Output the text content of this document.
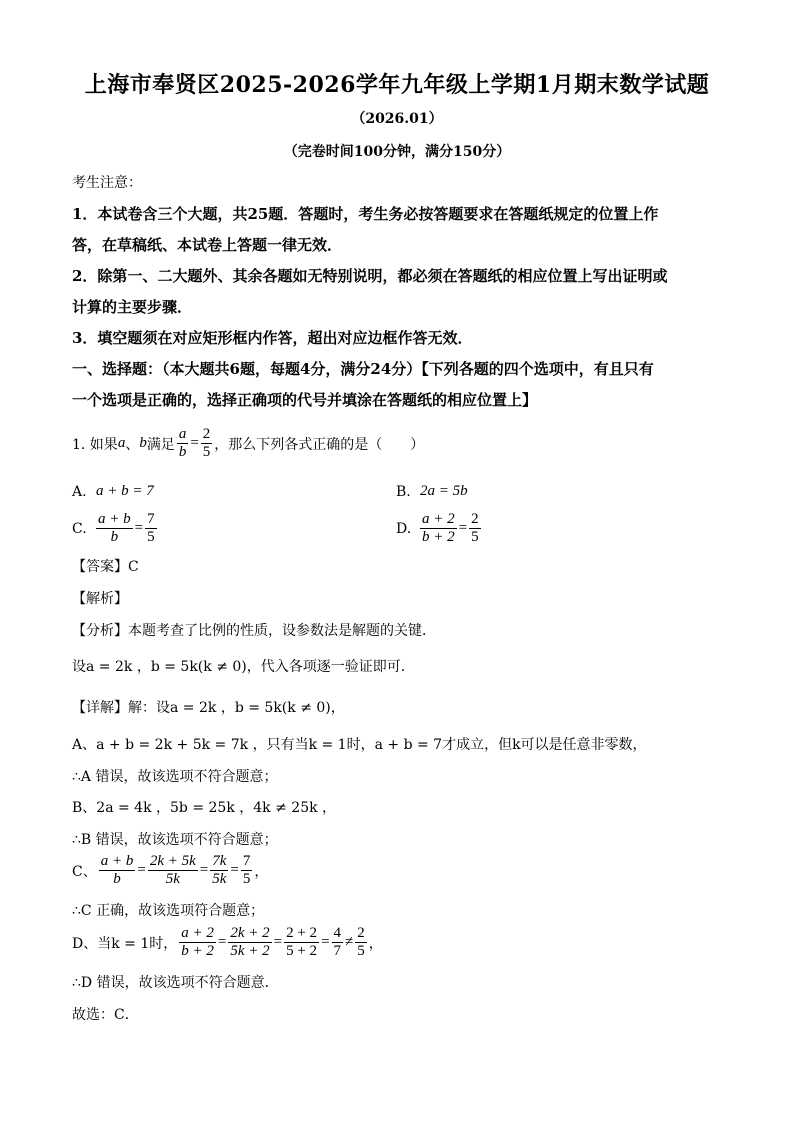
上海市奉贤区2025-2026学年九年级上学期1月期末数学试题
（2026.01）
（完卷时间100分钟，满分150分）
考生注意：
1．本试卷含三个大题，共25题．答题时，考生务必按答题要求在答题纸规定的位置上作
答，在草稿纸、本试卷上答题一律无效．
2．除第一、二大题外、其余各题如无特别说明，都必须在答题纸的相应位置上写出证明或
计算的主要步骤．
3．填空题须在对应矩形框内作答，超出对应边框作答无效．
一、选择题：（本大题共6题，每题4分，满分24分）【下列各题的四个选项中，有且只有
一个选项是正确的，选择正确项的代号并填涂在答题纸的相应位置上】
1. 如果 a 、 b 满足 $\frac{a}{b} = \frac{2}{5}$ ，那么下列各式正确的是（　　）
A. a + b = 7	B. 2a = 5b
C. $\frac{a + b}{b} = \frac{7}{5}$	D. $\frac{a + 2}{b + 2} = \frac{2}{5}$
【答案】C
【解析】
【分析】本题考查了比例的性质，设参数法是解题的关键．
设a = 2k ，b = 5k(k ≠ 0)，代入各项逐一验证即可．
【详解】解：设a = 2k ，b = 5k(k ≠ 0)，
A、a + b = 2k + 5k = 7k ，只有当k = 1时，a + b = 7才成立，但k可以是任意非零数，
∴A 错误，故该选项不符合题意；
B、2a = 4k ，5b = 25k ，4k ≠ 25k ，
∴B 错误，故该选项不符合题意；
C、 $\frac{a + b}{b} = \frac{2k + 5k}{5k} = \frac{7k}{5k} = \frac{7}{5}$ ，
∴C 正确，故该选项符合题意；
D、当k = 1时， $\frac{a + 2}{b + 2} = \frac{2k + 2}{5k + 2} = \frac{2 + 2}{5 + 2} = \frac{4}{7} \ne \frac{2}{5}$ ，
∴D 错误，故该选项不符合题意．
故选：C．
